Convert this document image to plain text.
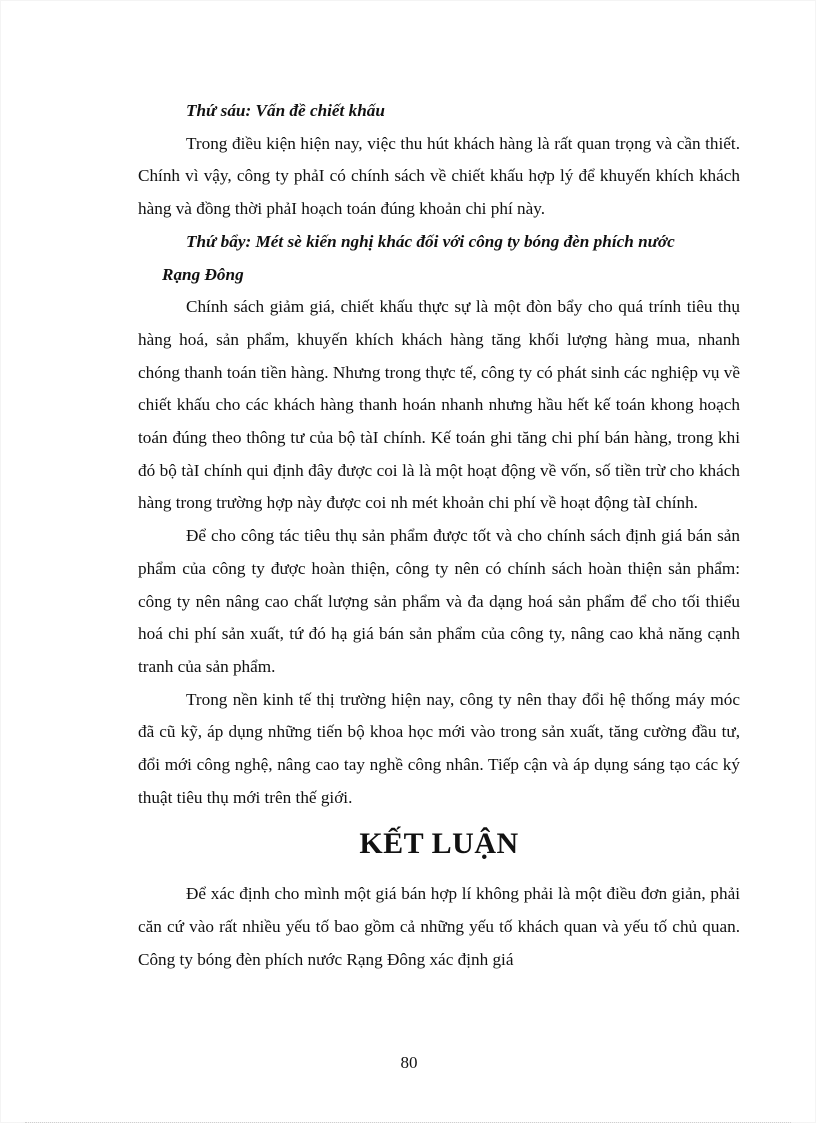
Thứ sáu: Vấn đề chiết khấu

Trong điều kiện hiện nay, việc thu hút khách hàng là rất quan trọng và cần thiết. Chính vì vậy, công ty phảI có chính sách về chiết khấu hợp lý để khuyến khích khách hàng và đồng thời phảI hoạch toán đúng khoản chi phí này.

Thứ bẩy: Mét sè kiến nghị khác đối với công ty bóng đèn phích nước

Rạng Đông

Chính sách giảm giá, chiết khấu thực sự là một đòn bẩy cho quá trính tiêu thụ hàng hoá, sản phẩm, khuyến khích khách hàng tăng khối lượng hàng mua, nhanh chóng thanh toán tiền hàng. Nhưng trong thực tế, công ty có phát sinh các nghiệp vụ về chiết khấu cho các khách hàng thanh hoán nhanh nhưng hầu hết kế toán khong hoạch toán đúng theo thông tư của bộ tàI chính. Kế toán ghi tăng chi phí bán hàng, trong khi đó bộ tàI chính qui định đây được coi là là một hoạt động về vốn, số tiền trừ cho khách hàng trong trường hợp này được coi nh mét khoản chi phí về hoạt động tàI chính.

Để cho công tác tiêu thụ sản phẩm được tốt và cho chính sách định giá bán sản phẩm của công ty được hoàn thiện, công ty nên có chính sách hoàn thiện sản phẩm: công ty nên nâng cao chất lượng sản phẩm và đa dạng hoá sản phẩm để cho tối thiểu hoá chi phí sản xuất, tứ đó hạ giá bán sản phẩm của công ty, nâng cao khả năng cạnh tranh của sản phẩm.

Trong nền kinh tế thị trường hiện nay, công ty nên thay đổi hệ thống máy móc đã cũ kỹ, áp dụng những tiến bộ khoa học mới vào trong sản xuất, tăng cường đầu tư, đổi mới công nghệ, nâng cao tay nghề công nhân. Tiếp cận và áp dụng sáng tạo các ký thuật tiêu thụ mới trên thế giới.

KẾT LUẬN

Để xác định cho mình một giá bán hợp lí không phải là một điều đơn giản, phải căn cứ vào rất nhiều yếu tố bao gồm cả những yếu tố khách quan và yếu tố chủ quan. Công ty bóng đèn phích nước Rạng Đông xác định giá

80
